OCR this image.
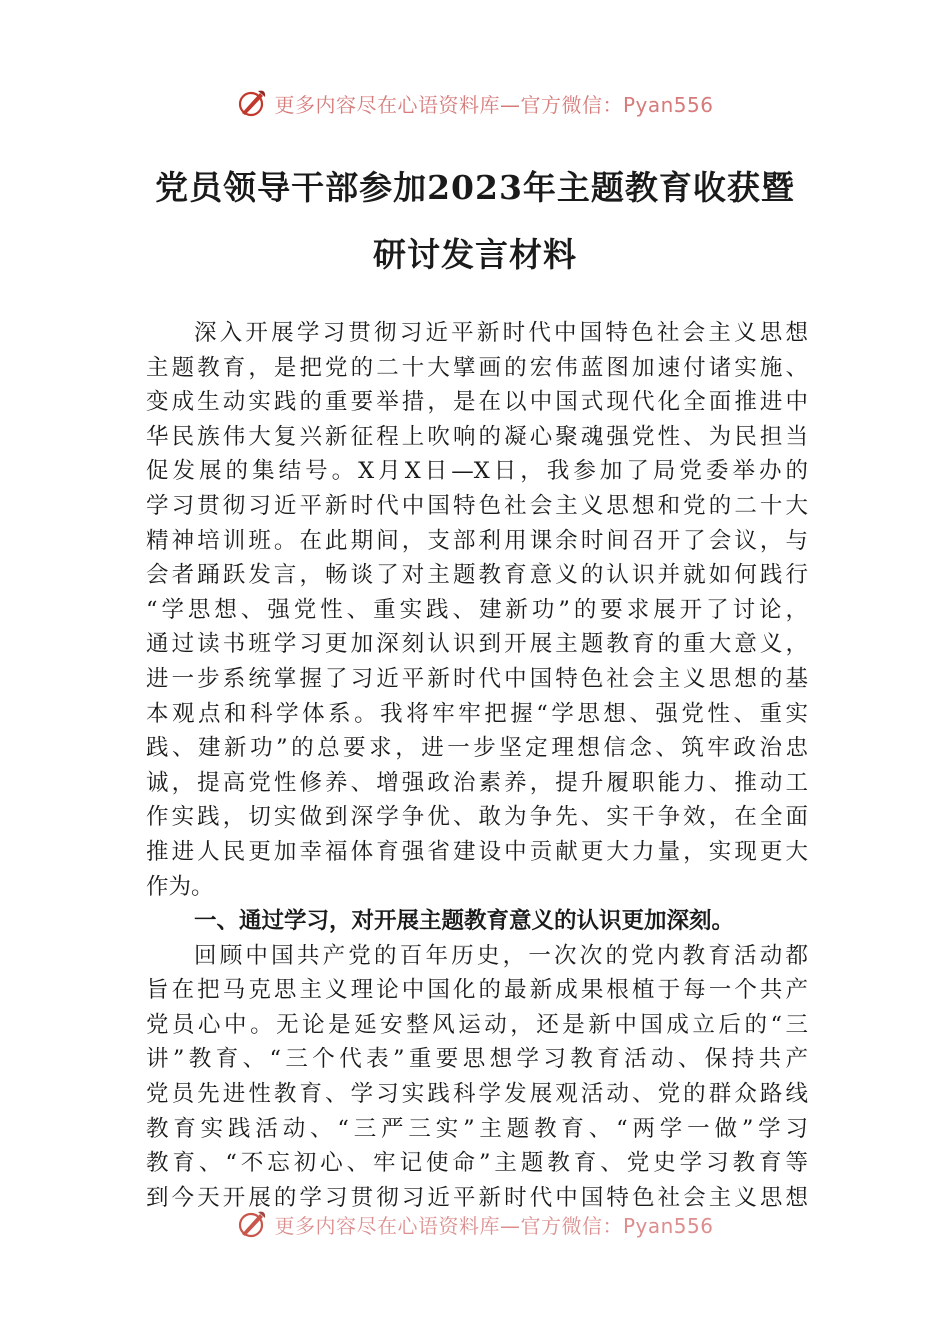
更多内容尽在心语资料库—官方微信：Pyan556
党员领导干部参加2023年主题教育收获暨
研讨发言材料
深入开展学习贯彻习近平新时代中国特色社会主义思想
主题教育，是把党的二十大擘画的宏伟蓝图加速付诸实施、
变成生动实践的重要举措，是在以中国式现代化全面推进中
华民族伟大复兴新征程上吹响的凝心聚魂强党性、为民担当
促发展的集结号。X月X日—X日，我参加了局党委举办的
学习贯彻习近平新时代中国特色社会主义思想和党的二十大
精神培训班。在此期间，支部利用课余时间召开了会议，与
会者踊跃发言，畅谈了对主题教育意义的认识并就如何践行
“学思想、强党性、重实践、建新功”的要求展开了讨论，
通过读书班学习更加深刻认识到开展主题教育的重大意义，
进一步系统掌握了习近平新时代中国特色社会主义思想的基
本观点和科学体系。我将牢牢把握“学思想、强党性、重实
践、建新功”的总要求，进一步坚定理想信念、筑牢政治忠
诚，提高党性修养、增强政治素养，提升履职能力、推动工
作实践，切实做到深学争优、敢为争先、实干争效，在全面
推进人民更加幸福体育强省建设中贡献更大力量，实现更大
作为。
一、通过学习，对开展主题教育意义的认识更加深刻。
回顾中国共产党的百年历史，一次次的党内教育活动都
旨在把马克思主义理论中国化的最新成果根植于每一个共产
党员心中。无论是延安整风运动，还是新中国成立后的“三
讲”教育、“三个代表”重要思想学习教育活动、保持共产
党员先进性教育、学习实践科学发展观活动、党的群众路线
教育实践活动、“三严三实”主题教育、“两学一做”学习
教育、“不忘初心、牢记使命”主题教育、党史学习教育等
到今天开展的学习贯彻习近平新时代中国特色社会主义思想
更多内容尽在心语资料库—官方微信：Pyan556
